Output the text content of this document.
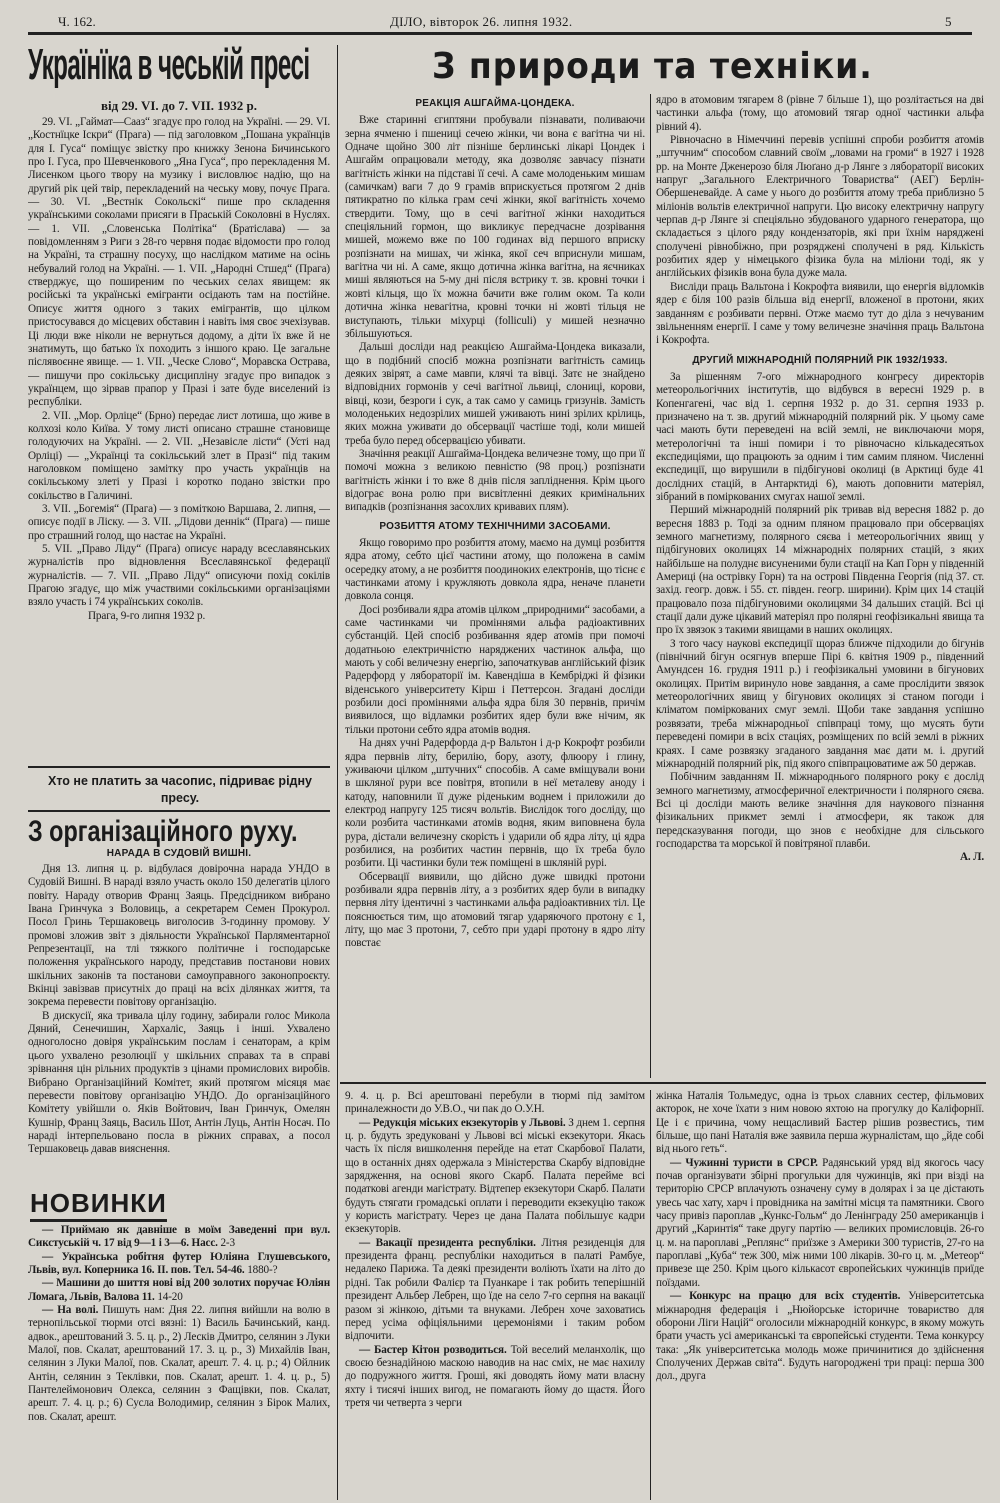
Ч. 162.	ДІЛО, вівторок 26. липня 1932.	5
Українїка в чеській пресі
від 29. VI. до 7. VII. 1932 р.

29. VI. „Гаймат—Саaз“ згадує про голод на Україні. — 29. VI. „Костнїцке Іскри“ (Прага) — під заголовком „Пошана українців для І. Гуса“ поміщує звістку про книжку Зенона Бичинського про І. Гуса, про Шевченкового „Яна Гуса“, про перекладення М. Лисенком цього твору на музику і висловлює надію, що на другий рік цей твір, перекладений на чеську мову, почує Прага. — 30. VI. „Вестнік Сокольскі“ пише про складення українськими соколами присяги в Праській Соколовні в Нуслях. — 1. VII. „Словенська Політіка“ (Братіслава) — за повідомленням з Риги з 28-го червня подає відомости про голод на Україні, та страшну посуху, що наслідком матиме на осінь небувалий голод на Україні. — 1. VII. „Народні Стшед“ (Прага) стверджує, що поширеним по чеських селах явищем: як російські та українські емігранти осідають там на постійне. Описує життя одного з таких емігрантів, що цілком пристосувався до місцевих обставин і навіть імя своє зчехізував. Ці люди вже ніколи не вернуться додому, а діти їх вже й не знатимуть, що батько їх походить з іншого краю. Це загальне післявоєнне явище. — 1. VII. „Ческе Слово“, Моравска Острава, — пишучи про сокільську дисципліну згадує про випадок з українцем, що зірвав прапор у Празі і зате буде виселений із республіки.

2. VII. „Мор. Орліце“ (Брно) передає лист лотиша, що живе в колхозі коло Київа. У тому листі описано страшне становище голодуючих на Україні. — 2. VII. „Незавісле лісти“ (Усті над Орліці) — „Українці та сокільський злет в Празі“ під таким наголовком поміщено замітку про участь українців на сокільському злеті у Празі і коротко подано звістки про сокільство в Галичині.

3. VII. „Богемія“ (Прага) — з поміткою Варшава, 2. липня, — описує події в Ліску. — 3. VII. „Лідови деннік“ (Прага) — пише про страшний голод, що настає на Україні.

5. VII. „Право Ліду“ (Прага) описує нараду всеславянських журналістів про відновлення Всеславянської федерації журналістів. — 7. VII. „Право Ліду“ описуючи похід сокілів Прагою згадує, що між участвими сокільськими організаціями взяло участь і 74 українських соколів.

Прага, 9-го липня 1932 р.

Хто не платить за часопис, підриває рідну пресу.
З організаційного руху.
НАРАДА В СУДОВІЙ ВИШНІ.

Дня 13. липня ц. р. відбулася довірочна нарада УНДО в Судовій Вишні. В нараді взяло участь около 150 делегатів цілого повіту. Нараду отворив Франц Заяць. Предсідником вибрано Івана Гринчука з Воловиць, а секретарем Семен Прокурол. Посол Гринь Тершаковець виголосив 3-годинну промову. У промові зложив звіт з діяльности Української Парляментарної Репрезентації, на тлі тяжкого політичне і господарське положення українського народу, представив постанови нових шкільних законів та постанови самоуправного законопроєкту. Вкінці завізвав присутніх до праці на всіх ділянках життя, та зокрема перевести повітову організацію.

В дискусії, яка тривала цілу годину, забирали голос Микола Дяний, Сенечишин, Хархаліс, Заяць і інші. Ухвалено одноголосно довіря українським послам і сенаторам, а крім цього ухвалено резолюції у шкільних справах та в справі зрівнання цін рільних продуктів з цінами промислових виробів. Вибрано Організаційний Комітет, який протягом місяця має перевести повітову організацію УНДО. До організаційного Комітету увійшли о. Яків Войтович, Іван Гринчук, Омелян Кушнір, Франц Заяць, Василь Шот, Антін Луць, Антін Носач. По нараді інтерпельовано посла в ріжних справах, а посол Тершаковець давав вияснення.

НОВИНКИ

— Приймаю як давніше в моїм Заведенні при вул. Сикстуській ч. 17 від 9—1 і 3—6. Насс. 2-3

— Українська робітня футер Юліяна Глушевського, Львів, вул. Коперника 16. II. пов. Тел. 54-46. 1880-?

— Машини до шиття нові від 200 золотих поручає Юліян Ломага, Львів, Валова 11. 14-20

— На волі. Пишуть нам: Дня 22. липня вийшли на волю в тернопільської тюрми отсі вязні: 1) Василь Бачинський, канд. адвок., арештований 3. 5. ц. р., 2) Лесків Дмитро, селянин з Луки Малої, пов. Скалат, арештований 17. 3. ц. р., 3) Михайлів Іван, селянин з Луки Малої, пов. Скалат, арешт. 7. 4. ц. р.; 4) Ойлник Антін, селянин з Теклівки, пов. Скалат, арешт. 1. 4. ц. р., 5) Пантелеймонович Олекса, селянин з Фащівки, пов. Скалат, арешт. 7. 4. ц. р.; 6) Сусла Володимир, селянин з Бірок Малих, пов. Скалат, арешт.

З природи та техніки.
РЕАКЦІЯ АШГАЙМА-ЦОНДЕКА.

Вже старинні єгиптяни пробували пізнавати, поливаючи зерна ячменю і пшениці сечею жінки, чи вона є вагітна чи ні. Одначе щойно 300 літ пізніше берлинські лікарі Цондек і Ашгайм опрацювали методу, яка дозволяє завчасу пізнати вагітність жінки на підставі її сечі. А саме молоденьким мишам (самичкам) ваги 7 до 9 грамів вприскується протягом 2 днів пятикратно по кілька грам сечі жінки, якої вагітність хочемо ствердити. Тому, що в сечі вагітної жінки находиться спеціяльний гормон, що викликує передчасне дозрівання мишей, можемо вже по 100 годинах від першого вприску розпізнати на мишах, чи жінка, якої сеч вприснули мишам, вагітна чи ні. А саме, якщо дотична жінка вагітна, на яєчниках миші являються на 5-му дні після встрику т. зв. кровні точки і жовті кільця, що їх можна бачити вже голим оком. Та коли дотична жінка невагітна, кровні точки ні жовті тільця не виступають, тільки міхурці (folliculi) у мишей незначно збільшуються.

Дальші досліди над реакцією Ашгайма-Цондека виказали, що в подібний спосіб можна розпізнати вагітність самиць деяких звірят, а саме мавпи, клячі та вівці. Затє не знайдено відповідних гормонів у сечі вагітної львиці, слониці, корови, вівці, кози, безроги і сук, а так само у самиць гризунів. Замість молоденьких недозрілих мишей уживають нині зрілих крілиць, яких можна уживати до обсервації частіше тоді, коли мишей треба було перед обсервацією убивати.

Значіння реакції Ашгайма-Цондека величезне тому, що при її помочі можна з великою певністю (98 проц.) розпізнати вагітність жінки і то вже 8 днів після запліднення. Крім цього відограє вона ролю при висвітленні деяких кримінальних випадків (розпізнання засохлих кривавих плям).

РОЗБИТТЯ АТОМУ ТЕХНІЧНИМИ ЗАСОБАМИ.

Якщо говоримо про розбиття атому, маємо на думці розбиття ядра атому, себто цієї частини атому, що положена в самім осередку атому, а не розбиття поодиноких електронів, що тіснє є частинками атому і кружляють довкола ядра, неначе планети довкола сонця.

Досі розбивали ядра атомів цілком „природними“ засобами, а саме частинками чи проміннями альфа радіоактивних субстанцій. Цей спосіб розбивання ядер атомів при помочі додатньою електричністю наряджених частинок альфа, що мають у собі величезну енергію, започаткував англійський фізик Радерфорд у лябораторії ім. Кавендіша в Кембріджі й фізики віденського університету Кірш і Петтерсон. Згадані досліди розбили досі проміннями альфа ядра біля 30 первнів, причім виявилося, що відламки розбитих ядер були вже нічим, як тільки протони себто ядра атомів водня.

На днях учні Радерфорда д-р Вальтон і д-р Кокрофт розбили ядра первнів літу, берилію, бору, азоту, флюору і глину, уживаючи цілком „штучних“ способів. А саме вміщували вони в шкляної рури все повітря, втопили в неї металеву аноду і катоду, наповнили її дуже ріденьким воднем і приложили до електрод напругу 125 тисяч вольтів. Вислідок того досліду, що коли розбита частинками атомів водня, яким виповнена була рура, дістали величезну скорість і ударили об ядра літу, ці ядра розбилися, на розбитих частин первнів, що їх треба було розбити. Ці частинки були теж поміщені в шкляній рурі.

Обсервації виявили, що дійсно дуже швидкі протони розбивали ядра первнів літу, а з розбитих ядер були в випадку первня літу ідентичні з частинками альфа радіоактивних тіл. Це пояснюється тим, що атомовий тягар ударяючого протону є 1, літу, що має 3 протони, 7, себто при ударі протону в ядро літу повстає

ядро в атомовим тягарем 8 (рівне 7 більше 1), що розлітається на дві частинки альфа (тому, що атомовий тягар одної частинки альфа рівний 4).

Рівночасно в Німеччині перевів успішні спроби розбиття атомів „штучним“ способом славний своїм „ловами на громи“ в 1927 і 1928 рр. на Монте Дженерозо біля Люґано д-р Лянге з лябораторії високих напруг „Загального Електричного Товариства“ (АЕГ) Берлін-Обершеневайде. А саме у нього до розбиття атому треба приблизно 5 міліонів вольтів електричної напруги. Цю високу електричну напругу черпав д-р Лянге зі спеціяльно збудованого ударного генератора, що складається з цілого ряду кондензаторів, які при їхнім наряджені сполучені рівнобіжно, при розряджені сполучені в ряд. Кількість розбитих ядер у німецького фізика була на міліони тоді, як у англійських фізиків вона була дуже мала.

Висліди праць Вальтона і Кокрофта виявили, що енергія відломків ядер є біля 100 разів більша від енергії, вложеної в протони, яких завданням є розбивати первні. Отже маємо тут до діла з нечуваним звільненням енергії. І саме у тому величезне значіння праць Вальтона і Кокрофта.

ДРУГИЙ МІЖНАРОДНІЙ ПОЛЯРНИЙ РІК 1932/1933.

За рішенням 7-ого міжнародного конгресу директорів метеорольогічних інститутів, що відбувся в вересні 1929 р. в Копенгагені, час від 1. серпня 1932 р. до 31. серпня 1933 р. призначено на т. зв. другий міжнародній полярний рік. У цьому саме часі мають бути переведені на всій землі, не виключаючи моря, метерологічні та інші помири і то рівночасно кількадесятьох експедиціями, що працюють за одним і тим самим пляном. Численні експедиції, що вирушили в підбігунові околиці (в Арктиці буде 41 дослідних стацій, в Антарктиді 6), мають доповнити матеріял, зібраний в поміркованих смугах нашої землі.

Перший міжнародній полярний рік тривав від вересня 1882 р. до вересня 1883 р. Тоді за одним пляном працювало при обсерваціях земного магнетизму, полярного сяєва і метеорольогічних явищ у підбігунових околицях 14 міжнародніх полярних стацій, з яких найбільше на полуднє висуненими були стації на Кап Горн у південній Америці (на острівку Горн) та на острові Південна Георгія (під 37. ст. захід. геогр. довж. і 55. ст. півден. геогр. ширини). Крім цих 14 стацій працювало поза підбігуновими околицями 34 дальших стацій. Всі ці стації дали дуже цікавий матеріял про полярні геофізикальні явища та про їх звязок з такими явищами в наших околицях.

З того часу наукові експедиції щораз ближче підходили до бігунів (північний бігун осягнув вперше Пірі 6. квітня 1909 р., південний Амундсен 16. грудня 1911 р.) і геофізикальні умовини в бігунових околицях. Притім виринуло нове завдання, а саме прослідити звязок метеорологічних явищ у бігунових околицях зі станом погоди і кліматом поміркованих смуг землі. Щоби таке завдання успішно розвязати, треба міжнародньої співпраці тому, що мусять бути переведені помири в всіх стаціях, розміщених по всій землі в ріжних краях. І саме розвязку згаданого завдання має дати м. і. другий міжнародній полярний рік, під якого співпрацюватиме аж 50 держав.

Побічним завданням II. міжнароднього полярного року є дослід земного магнетизму, атмосферичної електричности і полярного сяєва. Всі ці досліди мають велике значіння для наукового пізнання фізикальних прикмет землі і атмосфери, як також для передсказування погоди, що знов є необхідне для сільського господарства та морської й повітряної плавби.

А. Л.

9. 4. ц. р. Всі арештовані перебули в тюрмі під замітом приналежности до У.В.О., чи пак до О.У.Н.

— Редукція міських екзекуторів у Львові. З днем 1. серпня ц. р. будуть зредуковані у Львові всі міські екзекутори. Якась часть їх після вишколення перейде на етат Скарбової Палати, що в останніх днях одержала з Міністерства Скарбу відповідне зарядження, на основі якого Скарб. Палата перейме всі податкові агенди магістрату. Відтепер екзекутори Скарб. Палати будуть стягати громадські оплати і переводити екзекуцію також у користь магістрату. Через це дана Палата побільшує кадри екзекуторів.

— Вакації президента республіки. Літня резиденція для президента франц. республіки находиться в палаті Рамбуе, недалеко Парижа. Та деякі президенти воліють їхати на літо до рідні. Так робили Фалієр та Пуанкаре і так робить теперішній президент Альбер Лебрен, що їде на село 7-го серпня на вакації разом зі жінкою, дітьми та внуками. Лебрен хоче заховатись перед усіма офіціяльними церемоніями і таким робом відпочити.

— Бастер Кітон розводиться. Той веселий меланхолік, що своєю безнадійною маскою наводив на нас сміх, не має нахилу до подружного життя. Гроші, які доводять йому мати власну яхту і тисячі інших вигод, не помагають йому до щастя. Його третя чи четверта з черги

жінка Наталія Тольмедус, одна із трьох славних сестер, фільмових акторок, не хоче їхати з ним новою яхтою на прогулку до Каліфорнії. Це і є причина, чому нещасливий Бастер рішив розвестись, тим більше, що пані Наталія вже заявила перша журналістам, що „йде собі від нього геть“.

— Чужинні туристи в СРСР. Радянський уряд від якогось часу почав організувати збірні прогульки для чужинців, які при візді на територію СРСР вплачують означену суму в долярах і за це дістають увесь час хату, харч і провідника на замітні місця та памятники. Свого часу привіз пароплав „Кункс-Гольм“ до Ленінграду 250 американців і другий „Каринтія“ таке другу партію — великих промисловців. 26-го ц. м. на пароплаві „Реплянс“ приїзже з Америки 300 туристів, 27-го на пароплаві „Куба“ теж 300, між ними 100 лікарів. 30-го ц. м. „Метеор“ привезе ще 250. Крім цього кількасот європейських чужинців приїде поїздами.

— Конкурс на працю для всіх студентів. Університетська міжнародня федерація і „Нюйорське історичне товариство для оборони Ліги Націй“ оголосили міжнародній конкурс, в якому можуть брати участь усі американські та європейські студенти. Тема конкурсу така: „Як університетська молодь може причинитися до здійснення Сполучених Держав світа“. Будуть нагороджені три праці: перша 300 дол., друга
